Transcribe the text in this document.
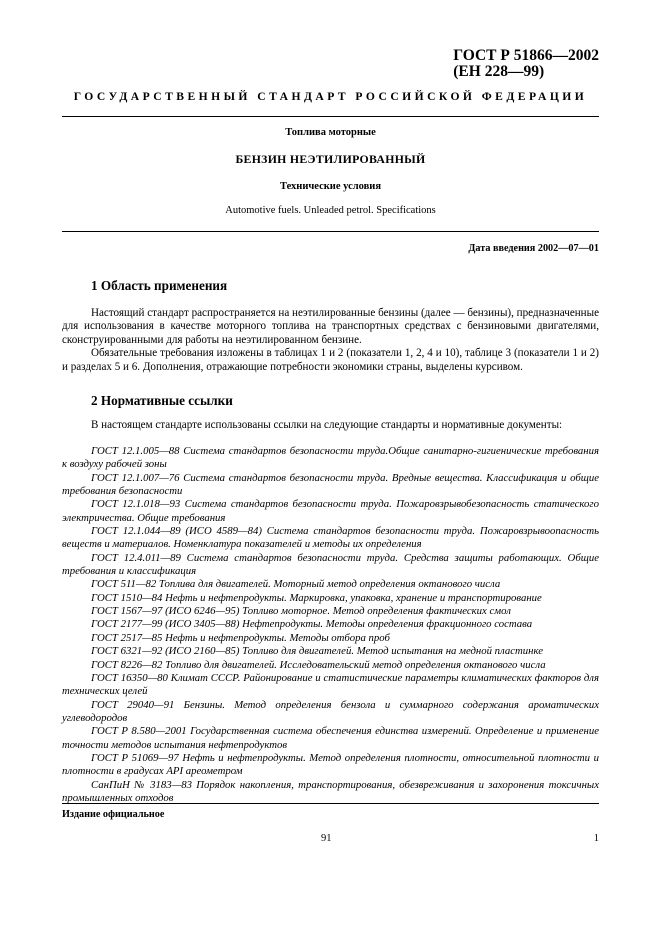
ГОСТ Р 51866—2002
(ЕН 228—99)
ГОСУДАРСТВЕННЫЙ СТАНДАРТ РОССИЙСКОЙ ФЕДЕРАЦИИ
Топлива моторные
БЕНЗИН НЕЭТИЛИРОВАННЫЙ
Технические условия
Automotive fuels. Unleaded petrol. Specifications
Дата введения 2002—07—01
1 Область применения

Настоящий стандарт распространяется на неэтилированные бензины (далее — бензины), предназначенные для использования в качестве моторного топлива на транспортных средствах с бензиновыми двигателями, сконструированными для работы на неэтилированном бензине.

Обязательные требования изложены в таблицах 1 и 2 (показатели 1, 2, 4 и 10), таблице 3 (показатели 1 и 2) и разделах 5 и 6. Дополнения, отражающие потребности экономики страны, выделены курсивом.

2 Нормативные ссылки

В настоящем стандарте использованы ссылки на следующие стандарты и нормативные документы:

ГОСТ 12.1.005—88 Система стандартов безопасности труда.Общие санитарно-гигиенические требования к воздуху рабочей зоны

ГОСТ 12.1.007—76 Система стандартов безопасности труда. Вредные вещества. Классификация и общие требования безопасности

ГОСТ 12.1.018—93 Система стандартов безопасности труда. Пожаровзрывобезопасность статического электричества. Общие требования

ГОСТ 12.1.044—89 (ИСО 4589—84) Система стандартов безопасности труда. Пожаровзрывоопасность веществ и материалов. Номенклатура показателей и методы их определения

ГОСТ 12.4.011—89 Система стандартов безопасности труда. Средства защиты работающих. Общие требования и классификация

ГОСТ 511—82 Топлива для двигателей. Моторный метод определения октанового числа

ГОСТ 1510—84 Нефть и нефтепродукты. Маркировка, упаковка, хранение и транспортирование

ГОСТ 1567—97 (ИСО 6246—95) Топливо моторное. Метод определения фактических смол

ГОСТ 2177—99 (ИСО 3405—88) Нефтепродукты. Методы определения фракционного состава

ГОСТ 2517—85 Нефть и нефтепродукты. Методы отбора проб

ГОСТ 6321—92 (ИСО 2160—85) Топливо для двигателей. Метод испытания на медной пластинке

ГОСТ 8226—82 Топливо для двигателей. Исследовательский метод определения октанового числа

ГОСТ 16350—80 Климат СССР. Районирование и статистические параметры климатических факторов для технических целей

ГОСТ 29040—91 Бензины. Метод определения бензола и суммарного содержания ароматических углеводородов

ГОСТ Р 8.580—2001 Государственная система обеспечения единства измерений. Определение и применение точности методов испытания нефтепродуктов

ГОСТ Р 51069—97 Нефть и нефтепродукты. Метод определения плотности, относительной плотности и плотности в градусах API ареометром

СанПиН № 3183—83 Порядок накопления, транспортирования, обезвреживания и захоронения токсичных промышленных отходов

Издание официальное
91	1
